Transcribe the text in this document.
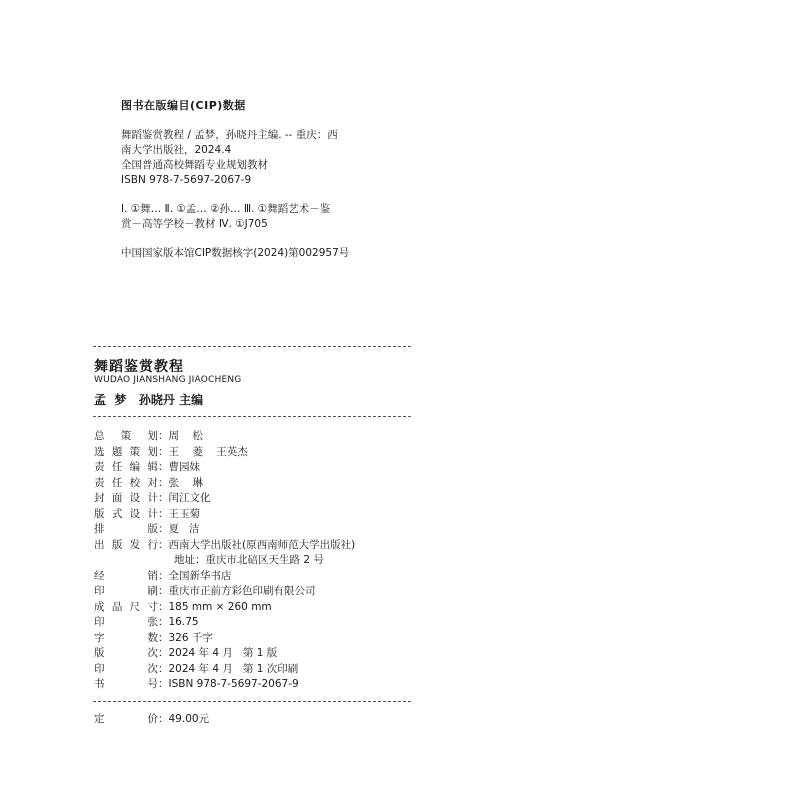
图书在版编目(CIP)数据
舞蹈鉴赏教程 / 孟梦，孙晓丹主编. -- 重庆：西
南大学出版社，2024.4
全国普通高校舞蹈专业规划教材
ISBN 978-7-5697-2067-9
Ⅰ. ①舞… Ⅱ. ①孟… ②孙… Ⅲ. ①舞蹈艺术－鉴
赏－高等学校－教材 Ⅳ. ①J705
中国国家版本馆CIP数据核字(2024)第002957号
舞蹈鉴赏教程
WUDAO JIANSHANG JIAOCHENG
孟  梦   孙晓丹 主编
总 策 划 ： 周    松
选题策划 ： 王    菱    王英杰
责任编辑 ： 曹园妹
责任校对 ： 张    琳
封面设计 ： 闰江文化
版式设计 ： 王玉菊
排 版 ： 夏   洁
出版发行 ： 西南大学出版社(原西南师范大学出版社)
地址：重庆市北碚区天生路 2 号
经 销 ： 全国新华书店
印 刷 ： 重庆市正前方彩色印刷有限公司
成品尺寸 ： 185 mm × 260 mm
印 张 ： 16.75
字 数 ： 326 千字
版 次 ： 2024 年 4 月   第 1 版
印 次 ： 2024 年 4 月   第 1 次印刷
书 号 ： ISBN 978-7-5697-2067-9
定 价 ： 49.00元
